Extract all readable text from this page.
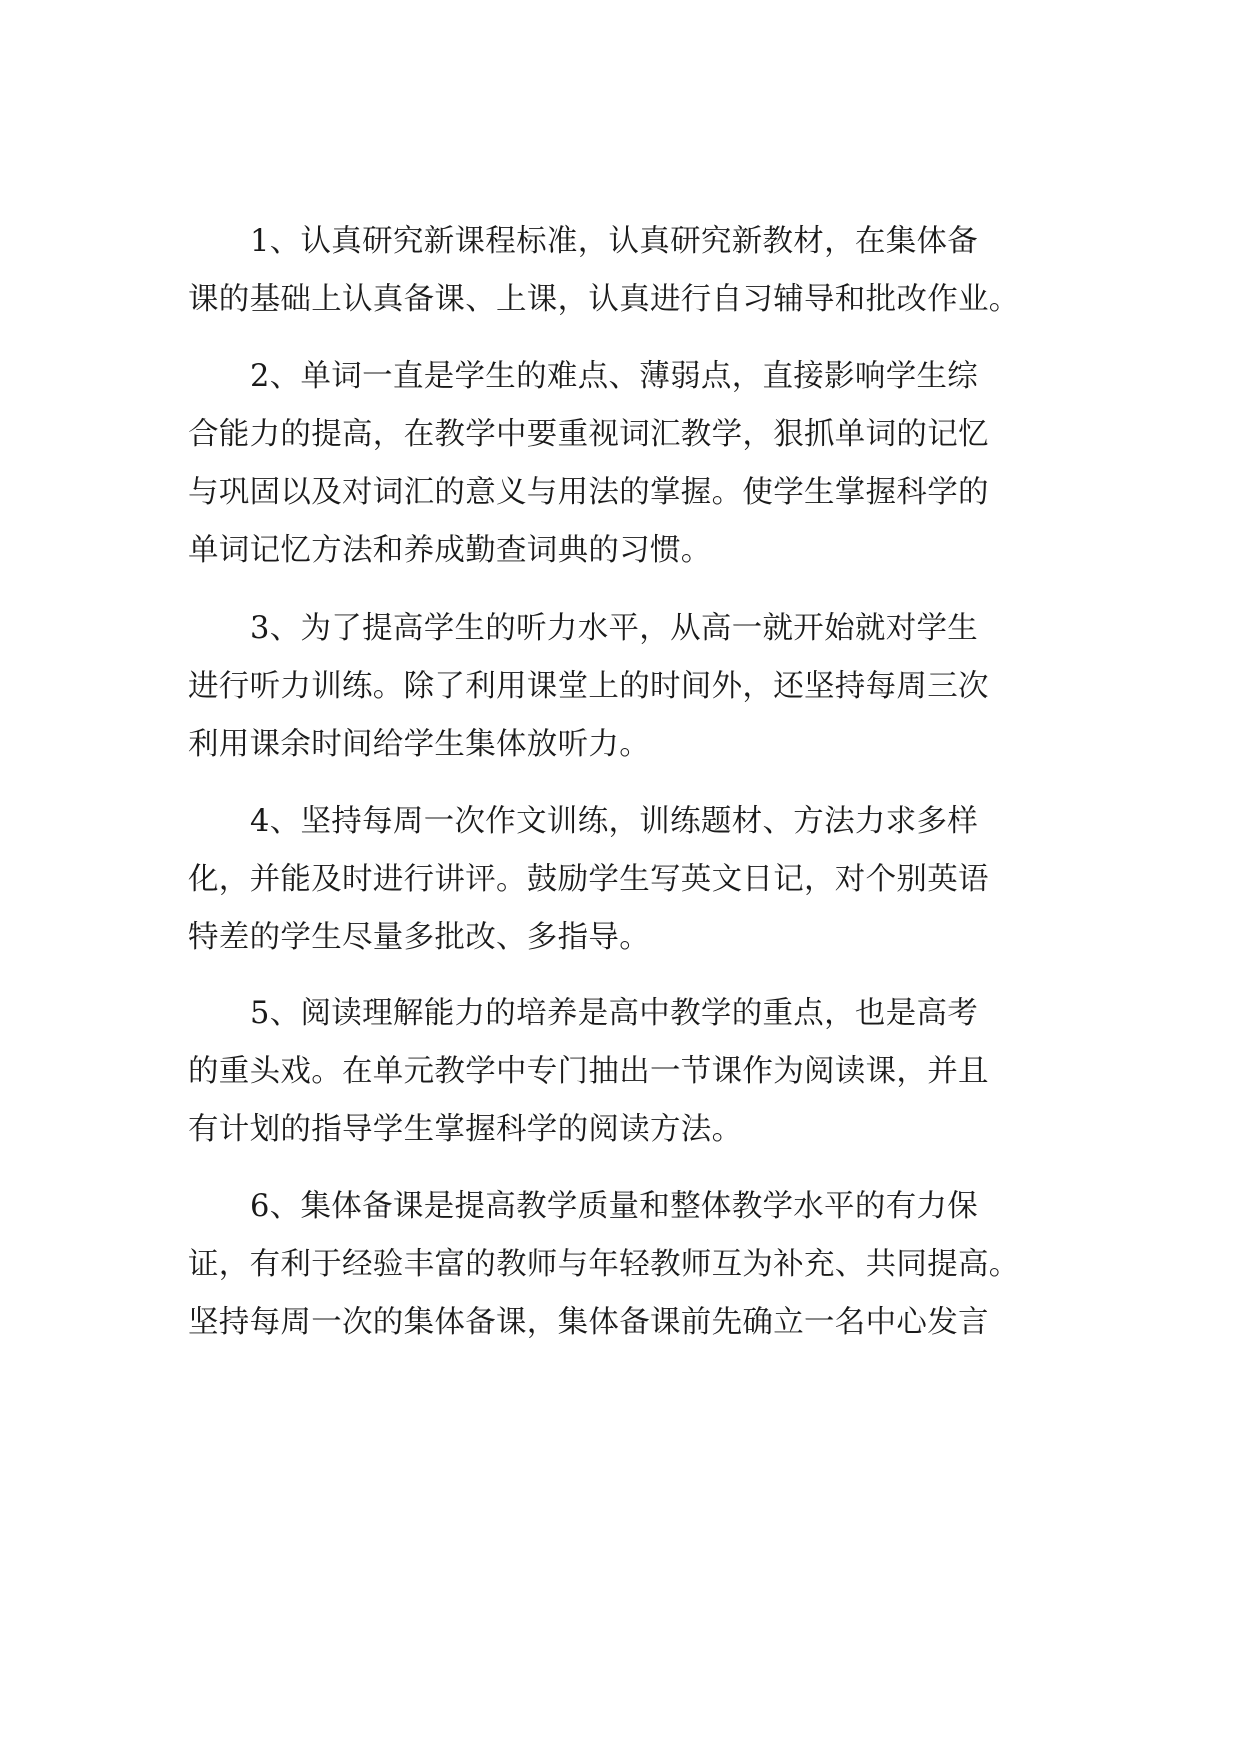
1、认真研究新课程标准，认真研究新教材，在集体备
课的基础上认真备课、上课，认真进行自习辅导和批改作业。
2、单词一直是学生的难点、薄弱点，直接影响学生综
合能力的提高，在教学中要重视词汇教学，狠抓单词的记忆
与巩固以及对词汇的意义与用法的掌握。使学生掌握科学的
单词记忆方法和养成勤查词典的习惯。
3、为了提高学生的听力水平，从高一就开始就对学生
进行听力训练。除了利用课堂上的时间外，还坚持每周三次
利用课余时间给学生集体放听力。
4、坚持每周一次作文训练，训练题材、方法力求多样
化，并能及时进行讲评。鼓励学生写英文日记，对个别英语
特差的学生尽量多批改、多指导。
5、阅读理解能力的培养是高中教学的重点，也是高考
的重头戏。在单元教学中专门抽出一节课作为阅读课，并且
有计划的指导学生掌握科学的阅读方法。
6、集体备课是提高教学质量和整体教学水平的有力保
证，有利于经验丰富的教师与年轻教师互为补充、共同提高。
坚持每周一次的集体备课，集体备课前先确立一名中心发言
